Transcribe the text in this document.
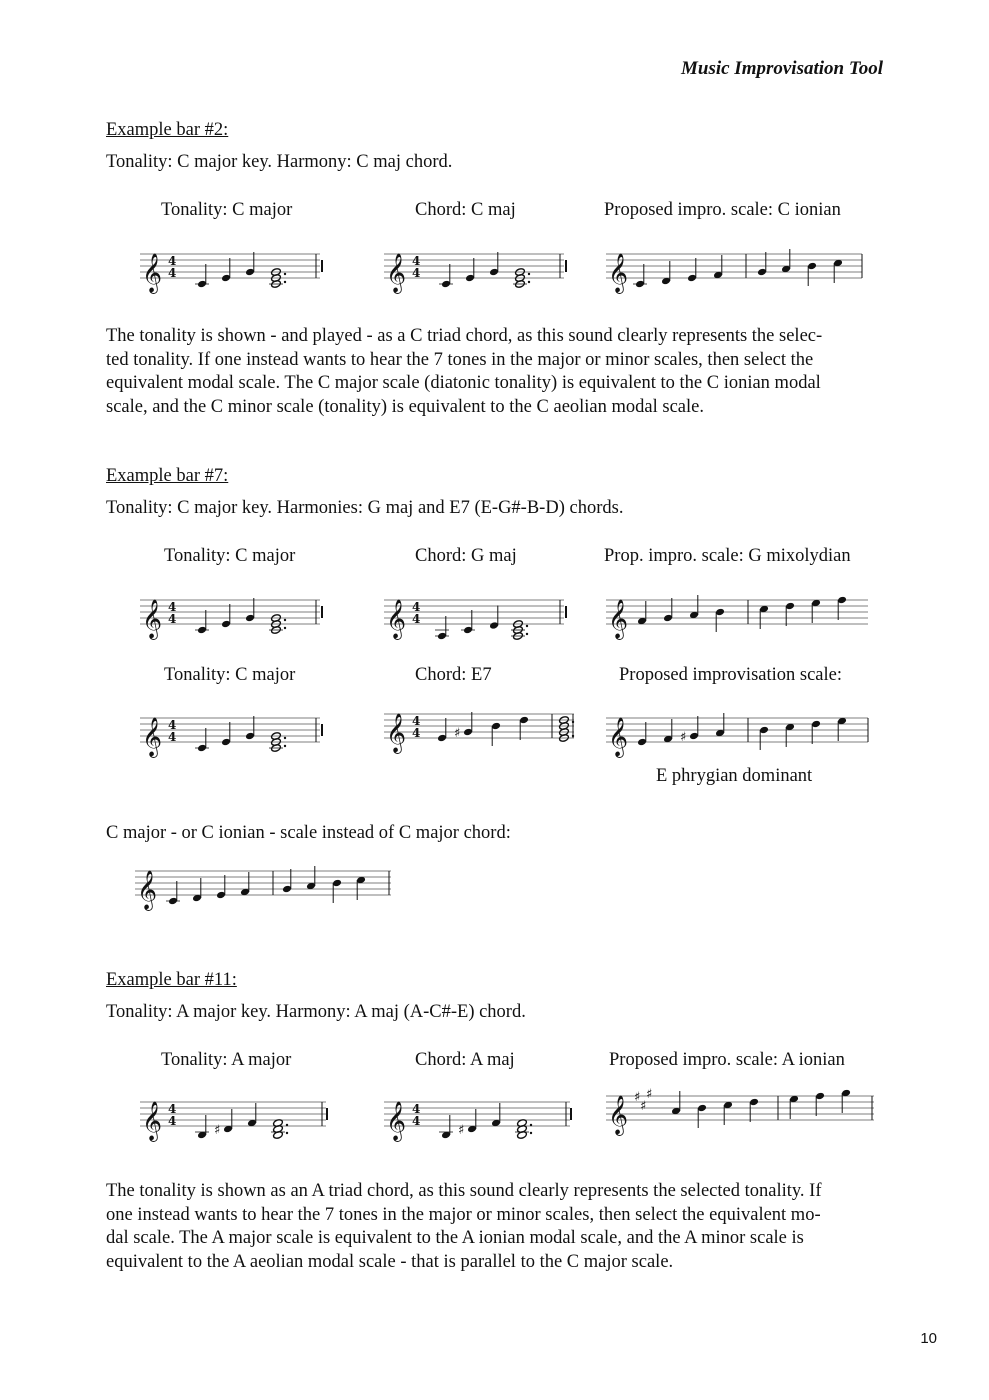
Music Improvisation Tool
Example bar #2:
Tonality: C major key. Harmony: C maj chord.
Tonality: C major	Chord: C maj	Proposed impro. scale: C ionian
𝄞 4
4	𝄞 4
4	𝄞
The tonality is shown - and played - as a C triad chord, as this sound clearly represents the selec-
ted tonality. If one instead wants to hear the 7 tones in the major or minor scales, then select the
equivalent modal scale. The C major scale (diatonic tonality) is equivalent to the C ionian modal
scale, and the C minor scale (tonality) is equivalent to the C aeolian modal scale.
Example bar #7:
Tonality: C major key. Harmonies: G maj and E7 (E-G#-B-D) chords.
Tonality: C major	Chord: G maj	Prop. impro. scale: G mixolydian
𝄞 4
4	𝄞 4
4	𝄞
Tonality: C major	Chord: E7	Proposed improvisation scale:
𝄞 4
4	𝄞 4
4	♯	𝄞	♯
E phrygian dominant
C major - or C ionian - scale instead of C major chord:
𝄞
Example bar #11:
Tonality: A major key. Harmony: A maj (A-C#-E) chord.
Tonality: A major	Chord: A maj	Proposed impro. scale: A ionian
𝄞 4
4
♯	𝄞 4
4
♯	𝄞 ♯
♯
♯
The tonality is shown as an A triad chord, as this sound clearly represents the selected tonality. If
one instead wants to hear the 7 tones in the major or minor scales, then select the equivalent mo-
dal scale. The A major scale is equivalent to the A ionian modal scale, and the A minor scale is
equivalent to the A aeolian modal scale - that is parallel to the C major scale.
10
